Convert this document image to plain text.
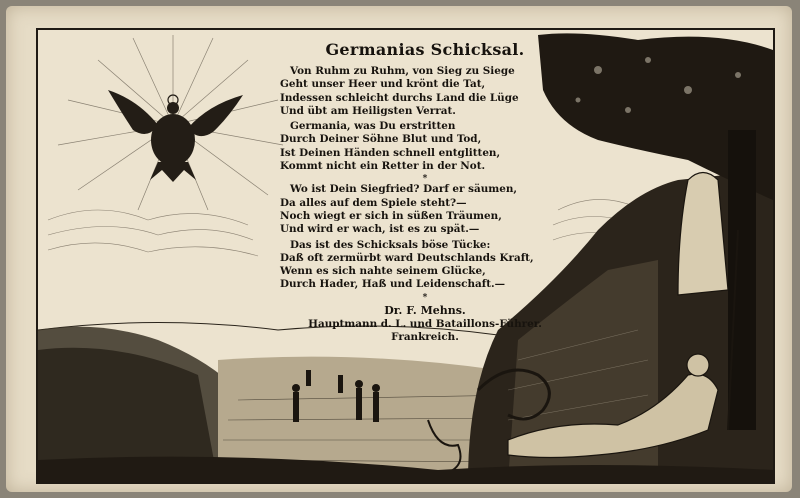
Germanias Schicksal.
Von Ruhm zu Ruhm, von Sieg zu Siege
Geht unser Heer und krönt die Tat,
Indessen schleicht durchs Land die Lüge
Und übt am Heiligsten Verrat.
Germania, was Du erstritten
Durch Deiner Söhne Blut und Tod,
Ist Deinen Händen schnell entglitten,
Kommt nicht ein Retter in der Not.
*
Wo ist Dein Siegfried? Darf er säumen,
Da alles auf dem Spiele steht?—
Noch wiegt er sich in süßen Träumen,
Und wird er wach, ist es zu spät.—
Das ist des Schicksals böse Tücke:
Daß oft zermürbt ward Deutschlands Kraft,
Wenn es sich nahte seinem Glücke,
Durch Hader, Haß und Leidenschaft.—
*
Dr. F. Mehns.
Hauptmann d. L. und Bataillons-Führer.
Frankreich.
